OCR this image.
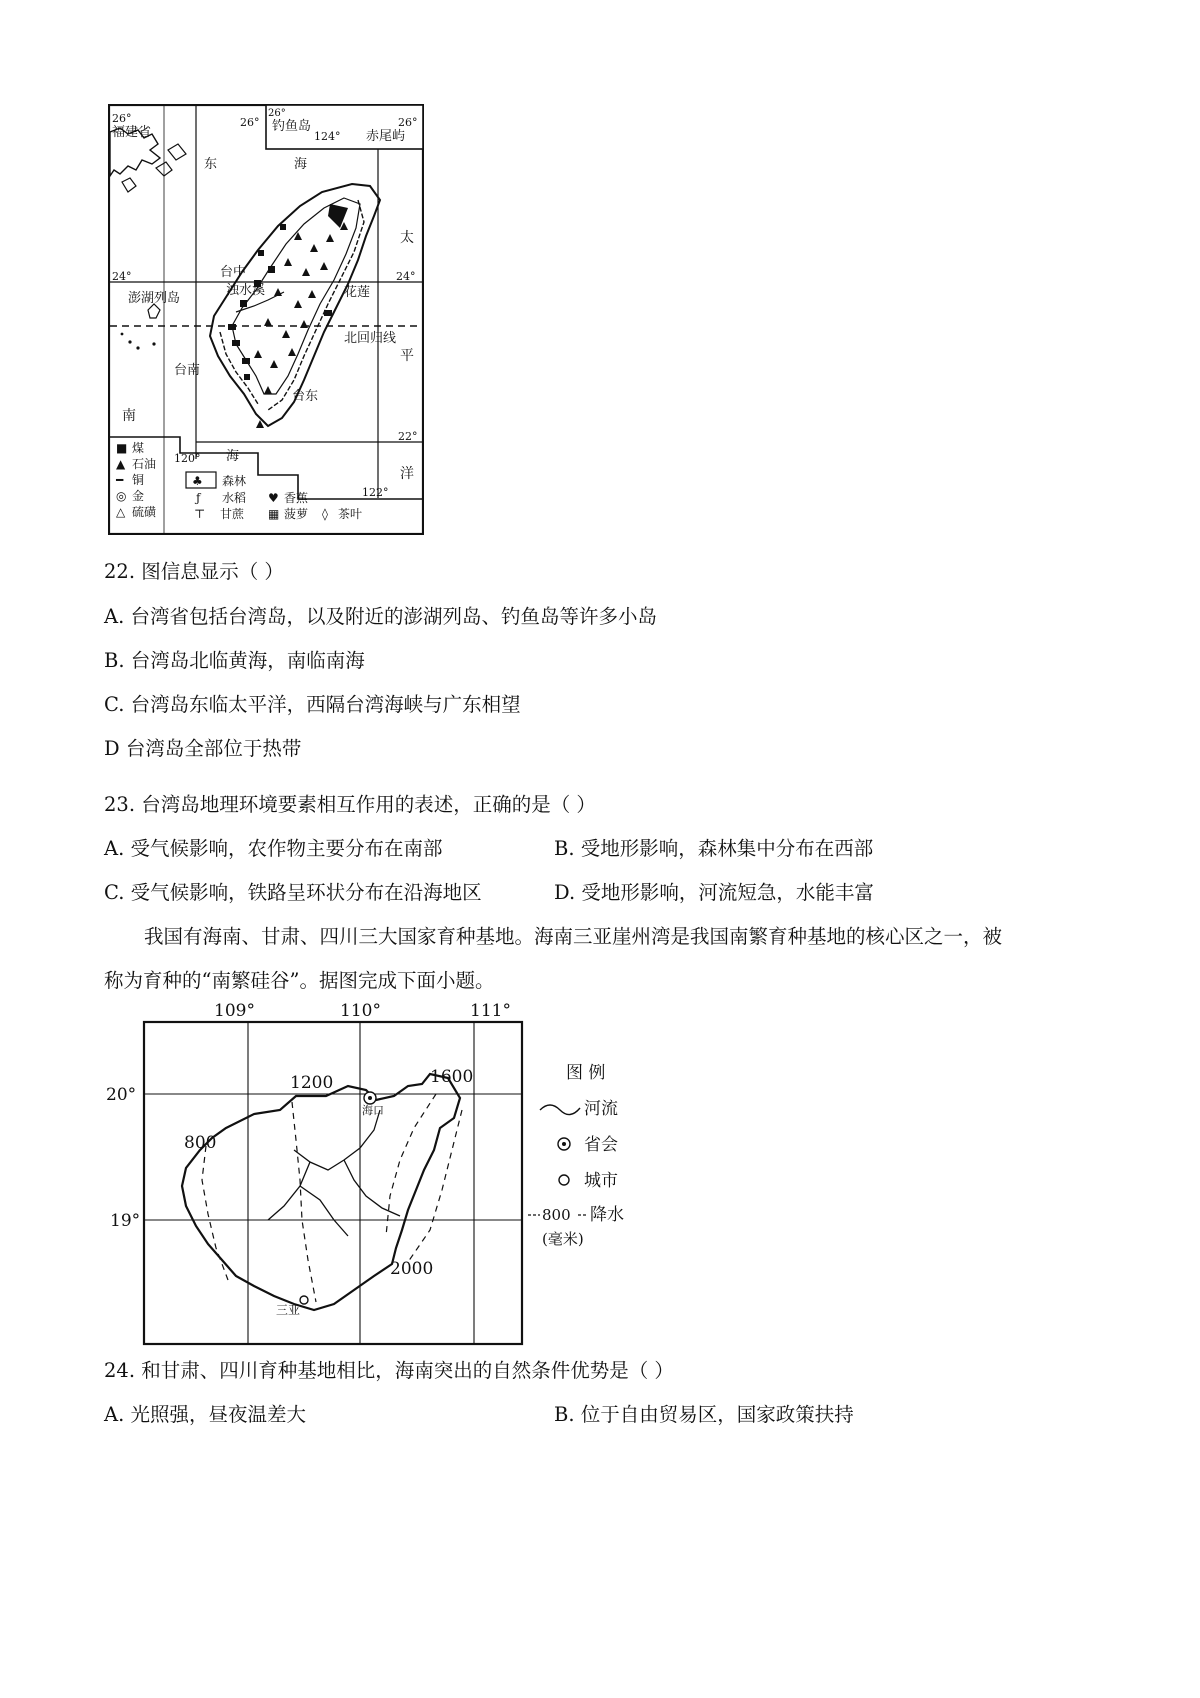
26°
福建省
26°
26°
钓鱼岛
124° 赤尾屿
26°
东	海
太
24°	24°
台中
浊水溪
澎湖列岛	花莲
北回归线
平
台南
台东
南
22°
120° 海
洋
122°
■ 煤
▲ 石油
━ 铜
◎ 金
△ 硫磺
♣ 森林
ƒ 水稻
⊤ 甘蔗
♥ 香蕉
▦ 菠萝 ◊ 茶叶
22. 图信息显示（ ）
A. 台湾省包括台湾岛，以及附近的澎湖列岛、钓鱼岛等许多小岛
B. 台湾岛北临黄海，南临南海
C. 台湾岛东临太平洋，西隔台湾海峡与广东相望
D 台湾岛全部位于热带
23. 台湾岛地理环境要素相互作用的表述，正确的是（ ）
A. 受气候影响，农作物主要分布在南部	B. 受地形影响，森林集中分布在西部
C. 受气候影响，铁路呈环状分布在沿海地区	D. 受地形影响，河流短急，水能丰富
我国有海南、甘肃、四川三大国家育种基地。海南三亚崖州湾是我国南繁育种基地的核心区之一，被
称为育种的“南繁硅谷”。据图完成下面小题。
109°	110°	111°
20°
19°
800
1200	1600
2000
海口
三亚
图 例
河流
省会
城市
800 降水
(毫米)
24. 和甘肃、四川育种基地相比，海南突出的自然条件优势是（ ）
A. 光照强，昼夜温差大	B. 位于自由贸易区，国家政策扶持
